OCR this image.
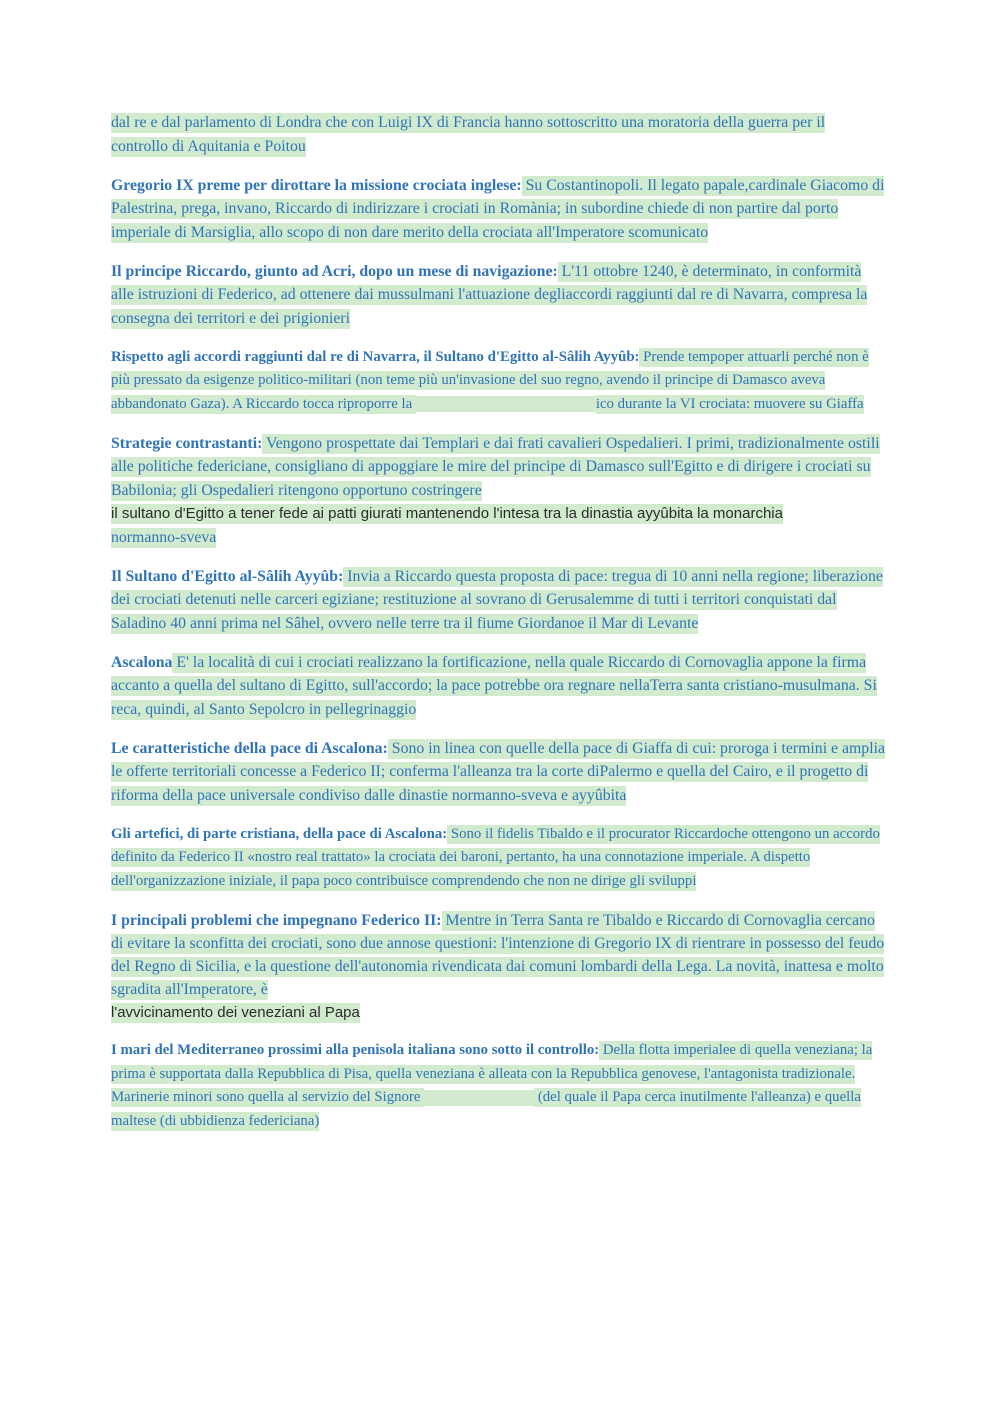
~

dal re e dal parlamento di Londra che con Luigi IX di Francia hanno sottoscritto una moratoria della guerra per il controllo di Aquitania e Poitou

Gregorio IX preme per dirottare la missione crociata inglese: Su Costantinopoli. Il legato papale,cardinale Giacomo di Palestrina, prega, invano, Riccardo di indirizzare i crociati in Romània; in subordine chiede di non partire dal porto imperiale di Marsiglia, allo scopo di non dare merito della crociata all'Imperatore scomunicato

Il principe Riccardo, giunto ad Acri, dopo un mese di navigazione: L'11 ottobre 1240, è determinato, in conformità alle istruzioni di Federico, ad ottenere dai mussulmani l'attuazione degliaccordi raggiunti dal re di Navarra, compresa la consegna dei territori e dei prigionieri

Rispetto agli accordi raggiunti dal re di Navarra, il Sultano d'Egitto al-Sâlih Ayyûb: Prende tempoper attuarli perché non è più pressato da esigenze politico-militari (non teme più un'invasione del suo regno, avendo il principe di Damasco aveva abbandonato Gaza). A Riccardo tocca riproporre la	ico durante la VI crociata: muovere su Giaffa

Strategie contrastanti: Vengono prospettate dai Templari e dai frati cavalieri Ospedalieri. I primi, tradizionalmente ostili alle politiche federiciane, consigliano di appoggiare le mire del principe di Damasco sull'Egitto e di dirigere i crociati su Babilonia; gli Ospedalieri ritengono opportuno costringere
il sultano d'Egitto a tener fede ai patti giurati mantenendo l'intesa tra la dinastia ayyûbita la monarchia
normanno-sveva

Il Sultano d'Egitto al-Sâlih Ayyûb: Invia a Riccardo questa proposta di pace: tregua di 10 anni nella regione; liberazione dei crociati detenuti nelle carceri egiziane; restituzione al sovrano di Gerusalemme di tutti i territori conquistati dal Saladino 40 anni prima nel Sâhel, ovvero nelle terre tra il fiume Giordanoe il Mar di Levante

Ascalona E' la località di cui i crociati realizzano la fortificazione, nella quale Riccardo di Cornovaglia appone la firma accanto a quella del sultano di Egitto, sull'accordo; la pace potrebbe ora regnare nellaTerra santa cristiano-musulmana. Si reca, quindi, al Santo Sepolcro in pellegrinaggio

Le caratteristiche della pace di Ascalona: Sono in linea con quelle della pace di Giaffa di cui: proroga i termini e amplia le offerte territoriali concesse a Federico II; conferma l'alleanza tra la corte diPalermo e quella del Cairo, e il progetto di riforma della pace universale condiviso dalle dinastie normanno-sveva e ayyûbita

Gli artefici, di parte cristiana, della pace di Ascalona: Sono il fidelis Tibaldo e il procurator Riccardoche ottengono un accordo definito da Federico II «nostro real trattato» la crociata dei baroni, pertanto, ha una connotazione imperiale. A dispetto dell'organizzazione iniziale, il papa poco contribuisce comprendendo che non ne dirige gli sviluppi

I principali problemi che impegnano Federico II: Mentre in Terra Santa re Tibaldo e Riccardo di Cornovaglia cercano di evitare la sconfitta dei crociati, sono due annose questioni: l'intenzione di Gregorio IX di rientrare in possesso del feudo del Regno di Sicilia, e la questione dell'autonomia rivendicata dai comuni lombardi della Lega. La novità, inattesa e molto sgradita all'Imperatore, è
l'avvicinamento dei veneziani al Papa

I mari del Mediterraneo prossimi alla penisola italiana sono sotto il controllo: Della flotta imperialee di quella veneziana; la prima è supportata dalla Repubblica di Pisa, quella veneziana è alleata con la Repubblica genovese, l'antagonista tradizionale. Marinerie minori sono quella al servizio del Signore	(del quale il Papa cerca inutilmente l'alleanza) e quella maltese (di ubbidienza federiciana)
